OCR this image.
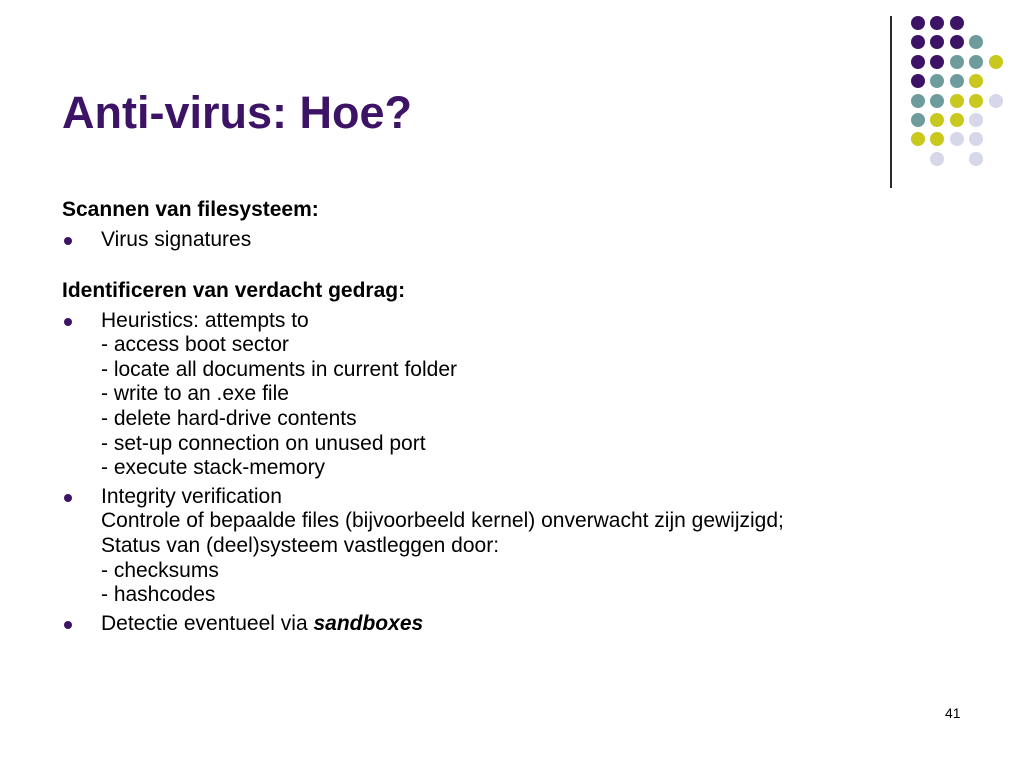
Anti-virus: Hoe?

Scannen van filesysteem:

Virus signatures

Identificeren van verdacht gedrag:

Heuristics: attempts to
- access boot sector
- locate all documents in current folder
- write to an .exe file
- delete hard-drive contents
- set-up connection on unused port
- execute stack-memory
Integrity verification
Controle of bepaalde files (bijvoorbeeld kernel) onverwacht zijn gewijzigd;
Status van (deel)systeem vastleggen door:
- checksums
- hashcodes
Detectie eventueel via sandboxes
41
